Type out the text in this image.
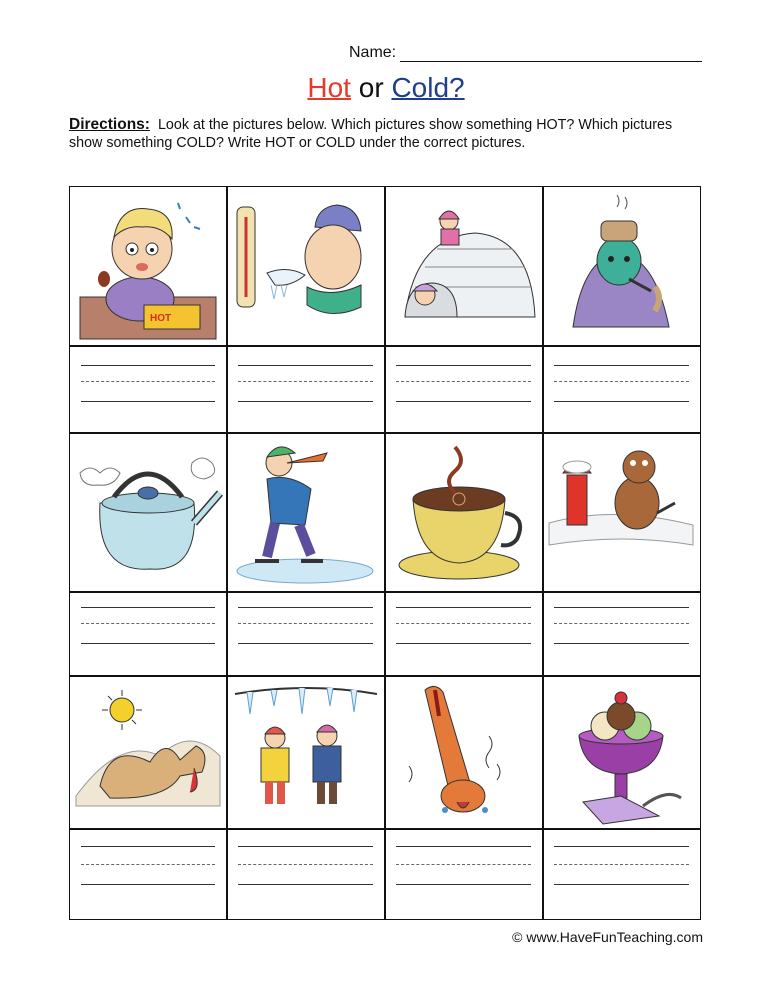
Name:
Hot or Cold?
Directions: Look at the pictures below. Which pictures show something HOT? Which pictures show something COLD? Write HOT or COLD under the correct pictures.
HOT
© www.HaveFunTeaching.com
